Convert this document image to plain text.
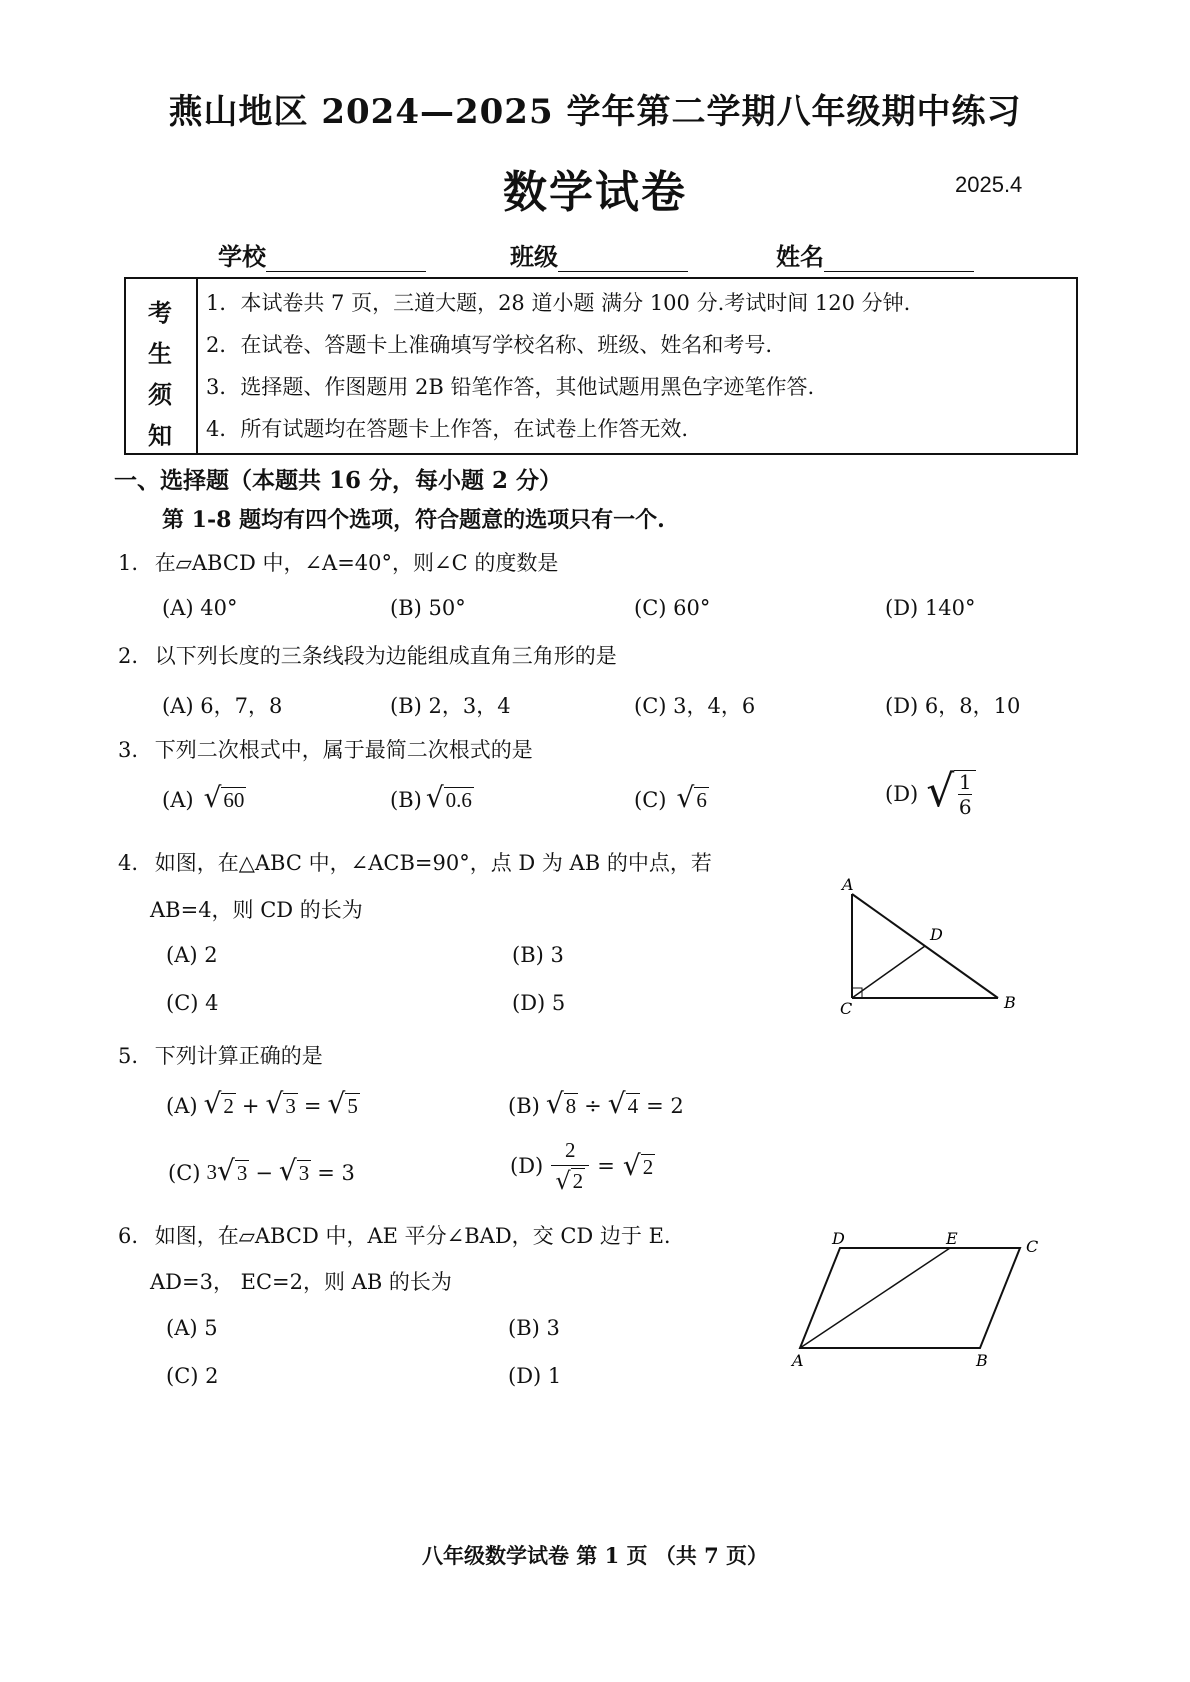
燕山地区 2024—2025 学年第二学期八年级期中练习
数学试卷	2025.4
学校	班级	姓名
考
生
须
知
1．本试卷共 7 页，三道大题，28 道小题 满分 100 分.考试时间 120 分钟.
2．在试卷、答题卡上准确填写学校名称、班级、姓名和考号.
3．选择题、作图题用 2B 铅笔作答，其他试题用黑色字迹笔作答.
4．所有试题均在答题卡上作答，在试卷上作答无效.
一、选择题（本题共 16 分，每小题 2 分）
第 1-8 题均有四个选项，符合题意的选项只有一个.
1. 在▱ABCD 中，∠A=40°，则∠C 的度数是
(A) 40°	(B) 50°	(C) 60°	(D) 140°
2. 以下列长度的三条线段为边能组成直角三角形的是
(A) 6，7，8	(B) 2，3，4	(C) 3，4，6	(D) 6，8，10
3. 下列二次根式中，属于最简二次根式的是
(A) √ 60	(B) √ 0.6	(C) √ 6	(D) √ 1
6
4. 如图，在△ABC 中，∠ACB=90°，点 D 为 AB 的中点，若
AB=4，则 CD 的长为
(A) 2	(B) 3
(C) 4	(D) 5
A
D
C	B
5. 下列计算正确的是
(A) √ 2 + √ 3 = √ 5	(B) √ 8 ÷ √ 4 = 2
(C) 3 √ 3 − √ 3 = 3	(D)
2
√ 2
= √ 2
6. 如图，在▱ABCD 中，AE 平分∠BAD，交 CD 边于 E.
AD=3， EC=2，则 AB 的长为
(A) 5	(B) 3
(C) 2	(D) 1
D	E	C
A	B
八年级数学试卷 第 1 页 （共 7 页）
